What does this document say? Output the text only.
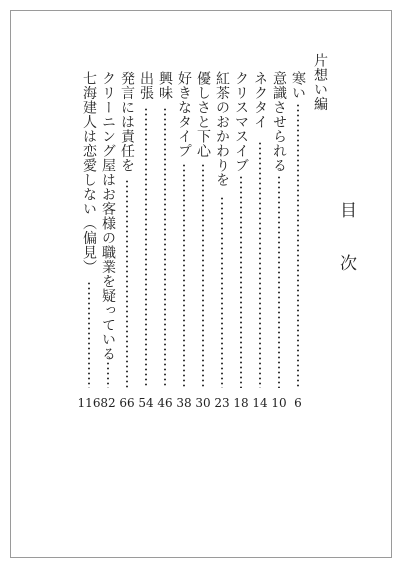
目次
片想い編
寒い
6
意識させられる
10
ネクタイ
14
クリスマスイブ
18
紅茶のおかわりを
23
優しさと下心
30
好きなタイプ
38
興味
46
出張
54
発言には責任を
66
クリーニング屋はお客様の職業を疑っている
82
七海建人は恋愛しない（偏見）
116
